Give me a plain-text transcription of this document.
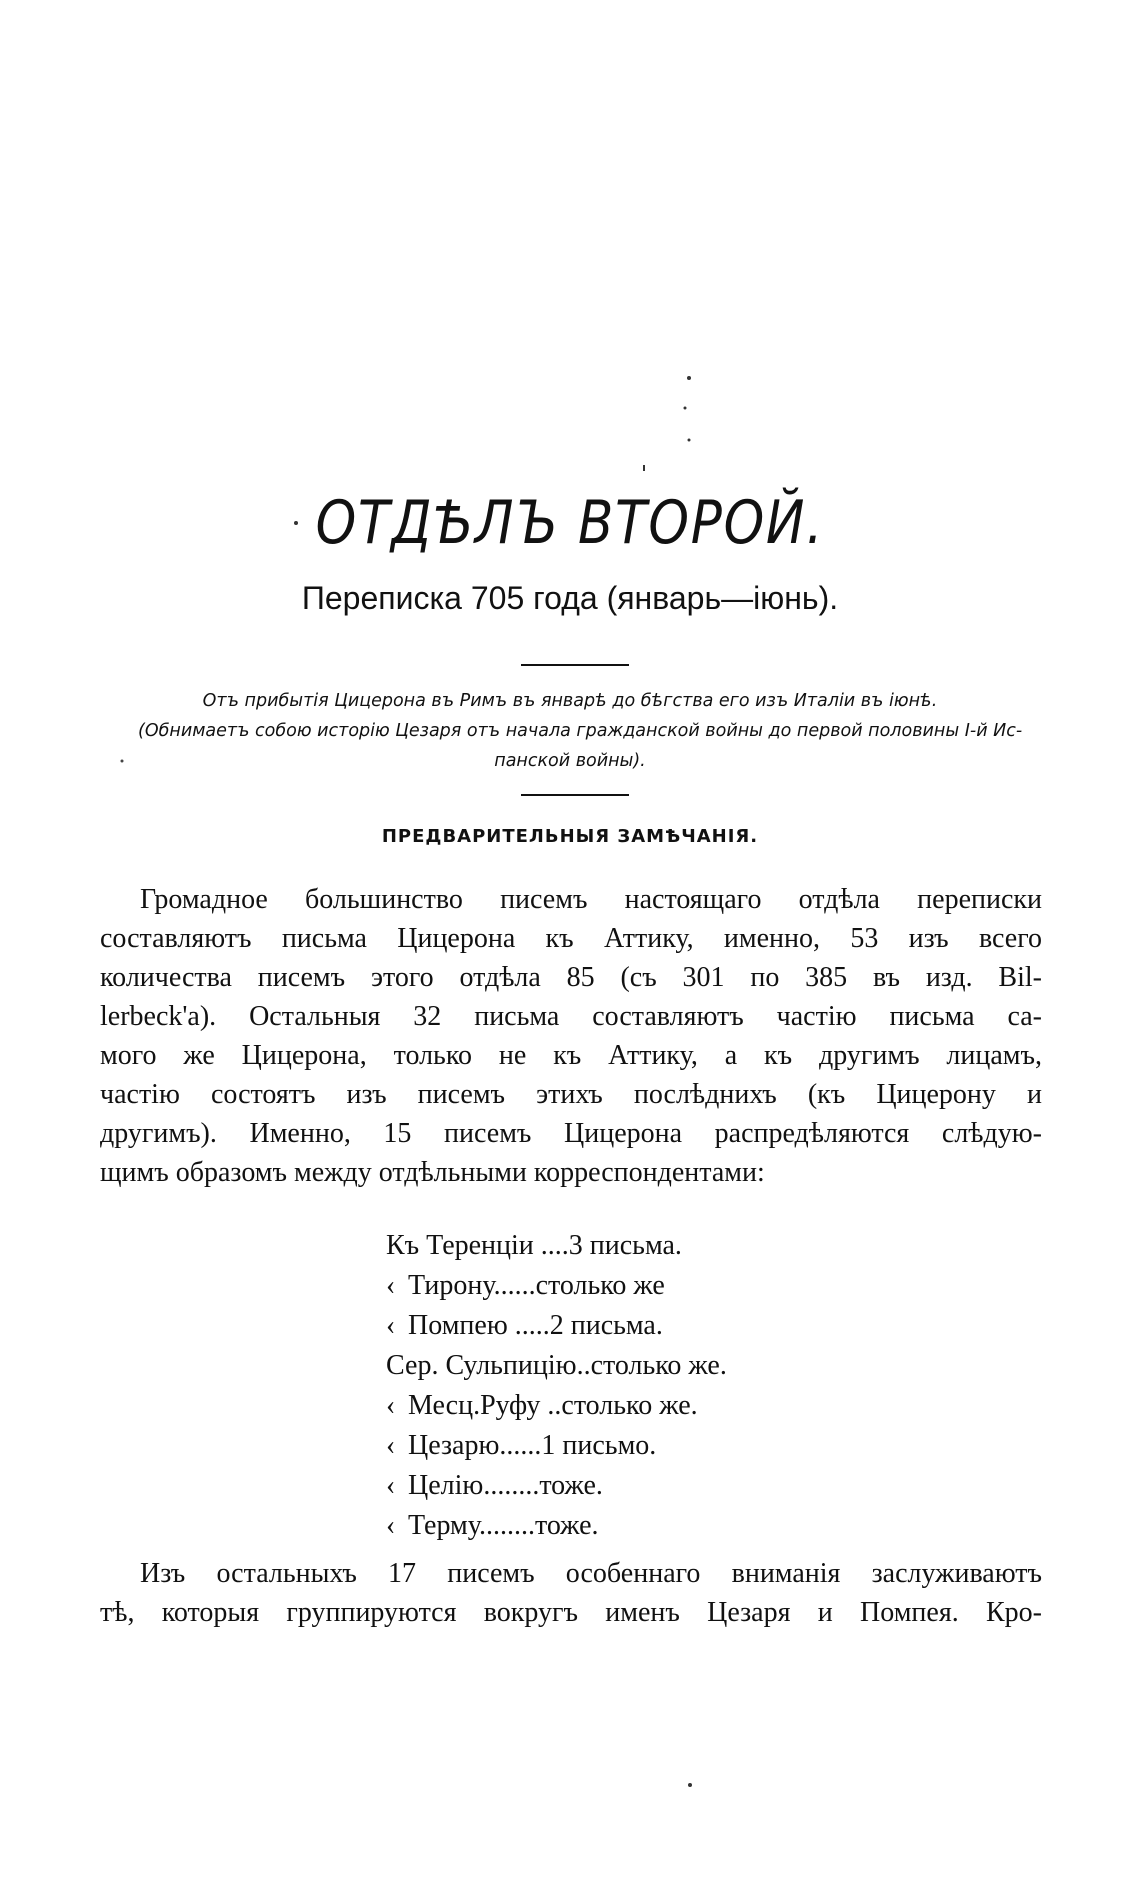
ОТДѢЛЪ ВТОРОЙ.
Переписка 705 года (январь—іюнь).

Отъ прибытія Цицерона въ Римъ въ январѣ до бѣгства его изъ Италіи въ іюнѣ.
(Обнимаетъ собою исторію Цезаря отъ начала гражданской войны до первой половины І-й Ис-
панской войны).

ПРЕДВАРИТЕЛЬНЫЯ ЗАМѢЧАНІЯ.

Громадное большинство писемъ настоящаго отдѣла переписки
составляютъ письма Цицерона къ Аттику, именно, 53 изъ всего
количества писемъ этого отдѣла 85 (съ 301 по 385 въ изд. Bil-
lerbeck'a). Остальныя 32 письма составляютъ частію письма са-
мого же Цицерона, только не къ Аттику, а къ другимъ лицамъ,
частію состоятъ изъ писемъ этихъ послѣднихъ (къ Цицерону и
другимъ). Именно, 15 писемъ Цицерона распредѣляются слѣдую-
щимъ образомъ между отдѣльными корреспондентами:

Къ Теренціи ....3 письма.
‹ Тирону......столько же
‹ Помпею .....2 письма.
Сер. Сульпицію..столько же.
‹ Месц.Руфу ..столько же.
‹ Цезарю......1 письмо.
‹ Целію........тоже.
‹ Терму........тоже.

Изъ остальныхъ 17 писемъ особеннаго вниманія заслуживаютъ
тѣ, которыя группируются вокругъ именъ Цезаря и Помпея. Кро-
